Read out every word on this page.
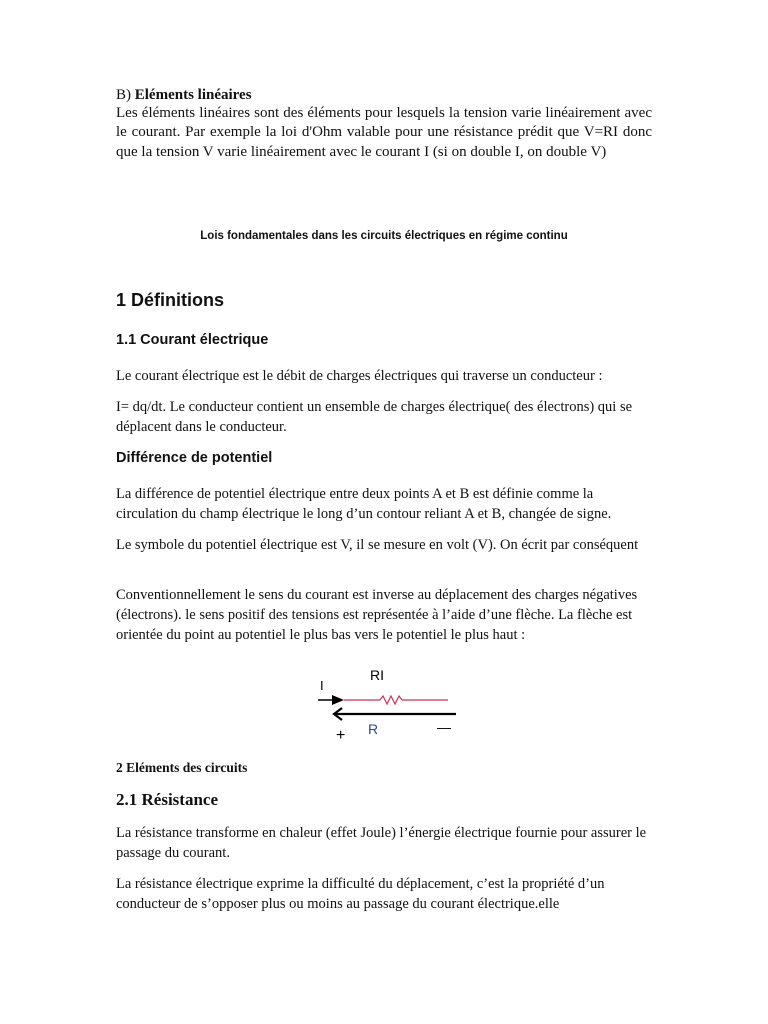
B) Eléments linéaires

Les éléments linéaires sont des éléments pour lesquels la tension varie linéairement avec le courant. Par exemple la loi d'Ohm valable pour une résistance prédit que V=RI donc que la tension V varie linéairement avec le courant I (si on double I, on double V)

Lois fondamentales dans les circuits électriques en régime continu

1 Définitions

1.1 Courant électrique

Le courant électrique est le débit de charges électriques qui traverse un conducteur :

I= dq/dt. Le conducteur contient un ensemble de charges électrique( des électrons) qui se déplacent dans le conducteur.

Différence de potentiel

La différence de potentiel électrique entre deux points A et B est définie comme la circulation du champ électrique le long d’un contour reliant A et B, changée de signe.

Le symbole du potentiel électrique est V, il se mesure en volt (V). On écrit par conséquent

Conventionnellement le sens du courant est inverse au déplacement des charges négatives (électrons). le sens positif des tensions est représentée à l’aide d’une flèche. La flèche est orientée du point au potentiel le plus bas vers le potentiel le plus haut :

I
RI
R
+	—

2 Eléments des circuits

2.1 Résistance

La résistance transforme en chaleur (effet Joule) l’énergie électrique fournie pour assurer le passage du courant.

La résistance électrique exprime la difficulté du déplacement, c’est la propriété d’un conducteur de s’opposer plus ou moins au passage du courant électrique.elle
